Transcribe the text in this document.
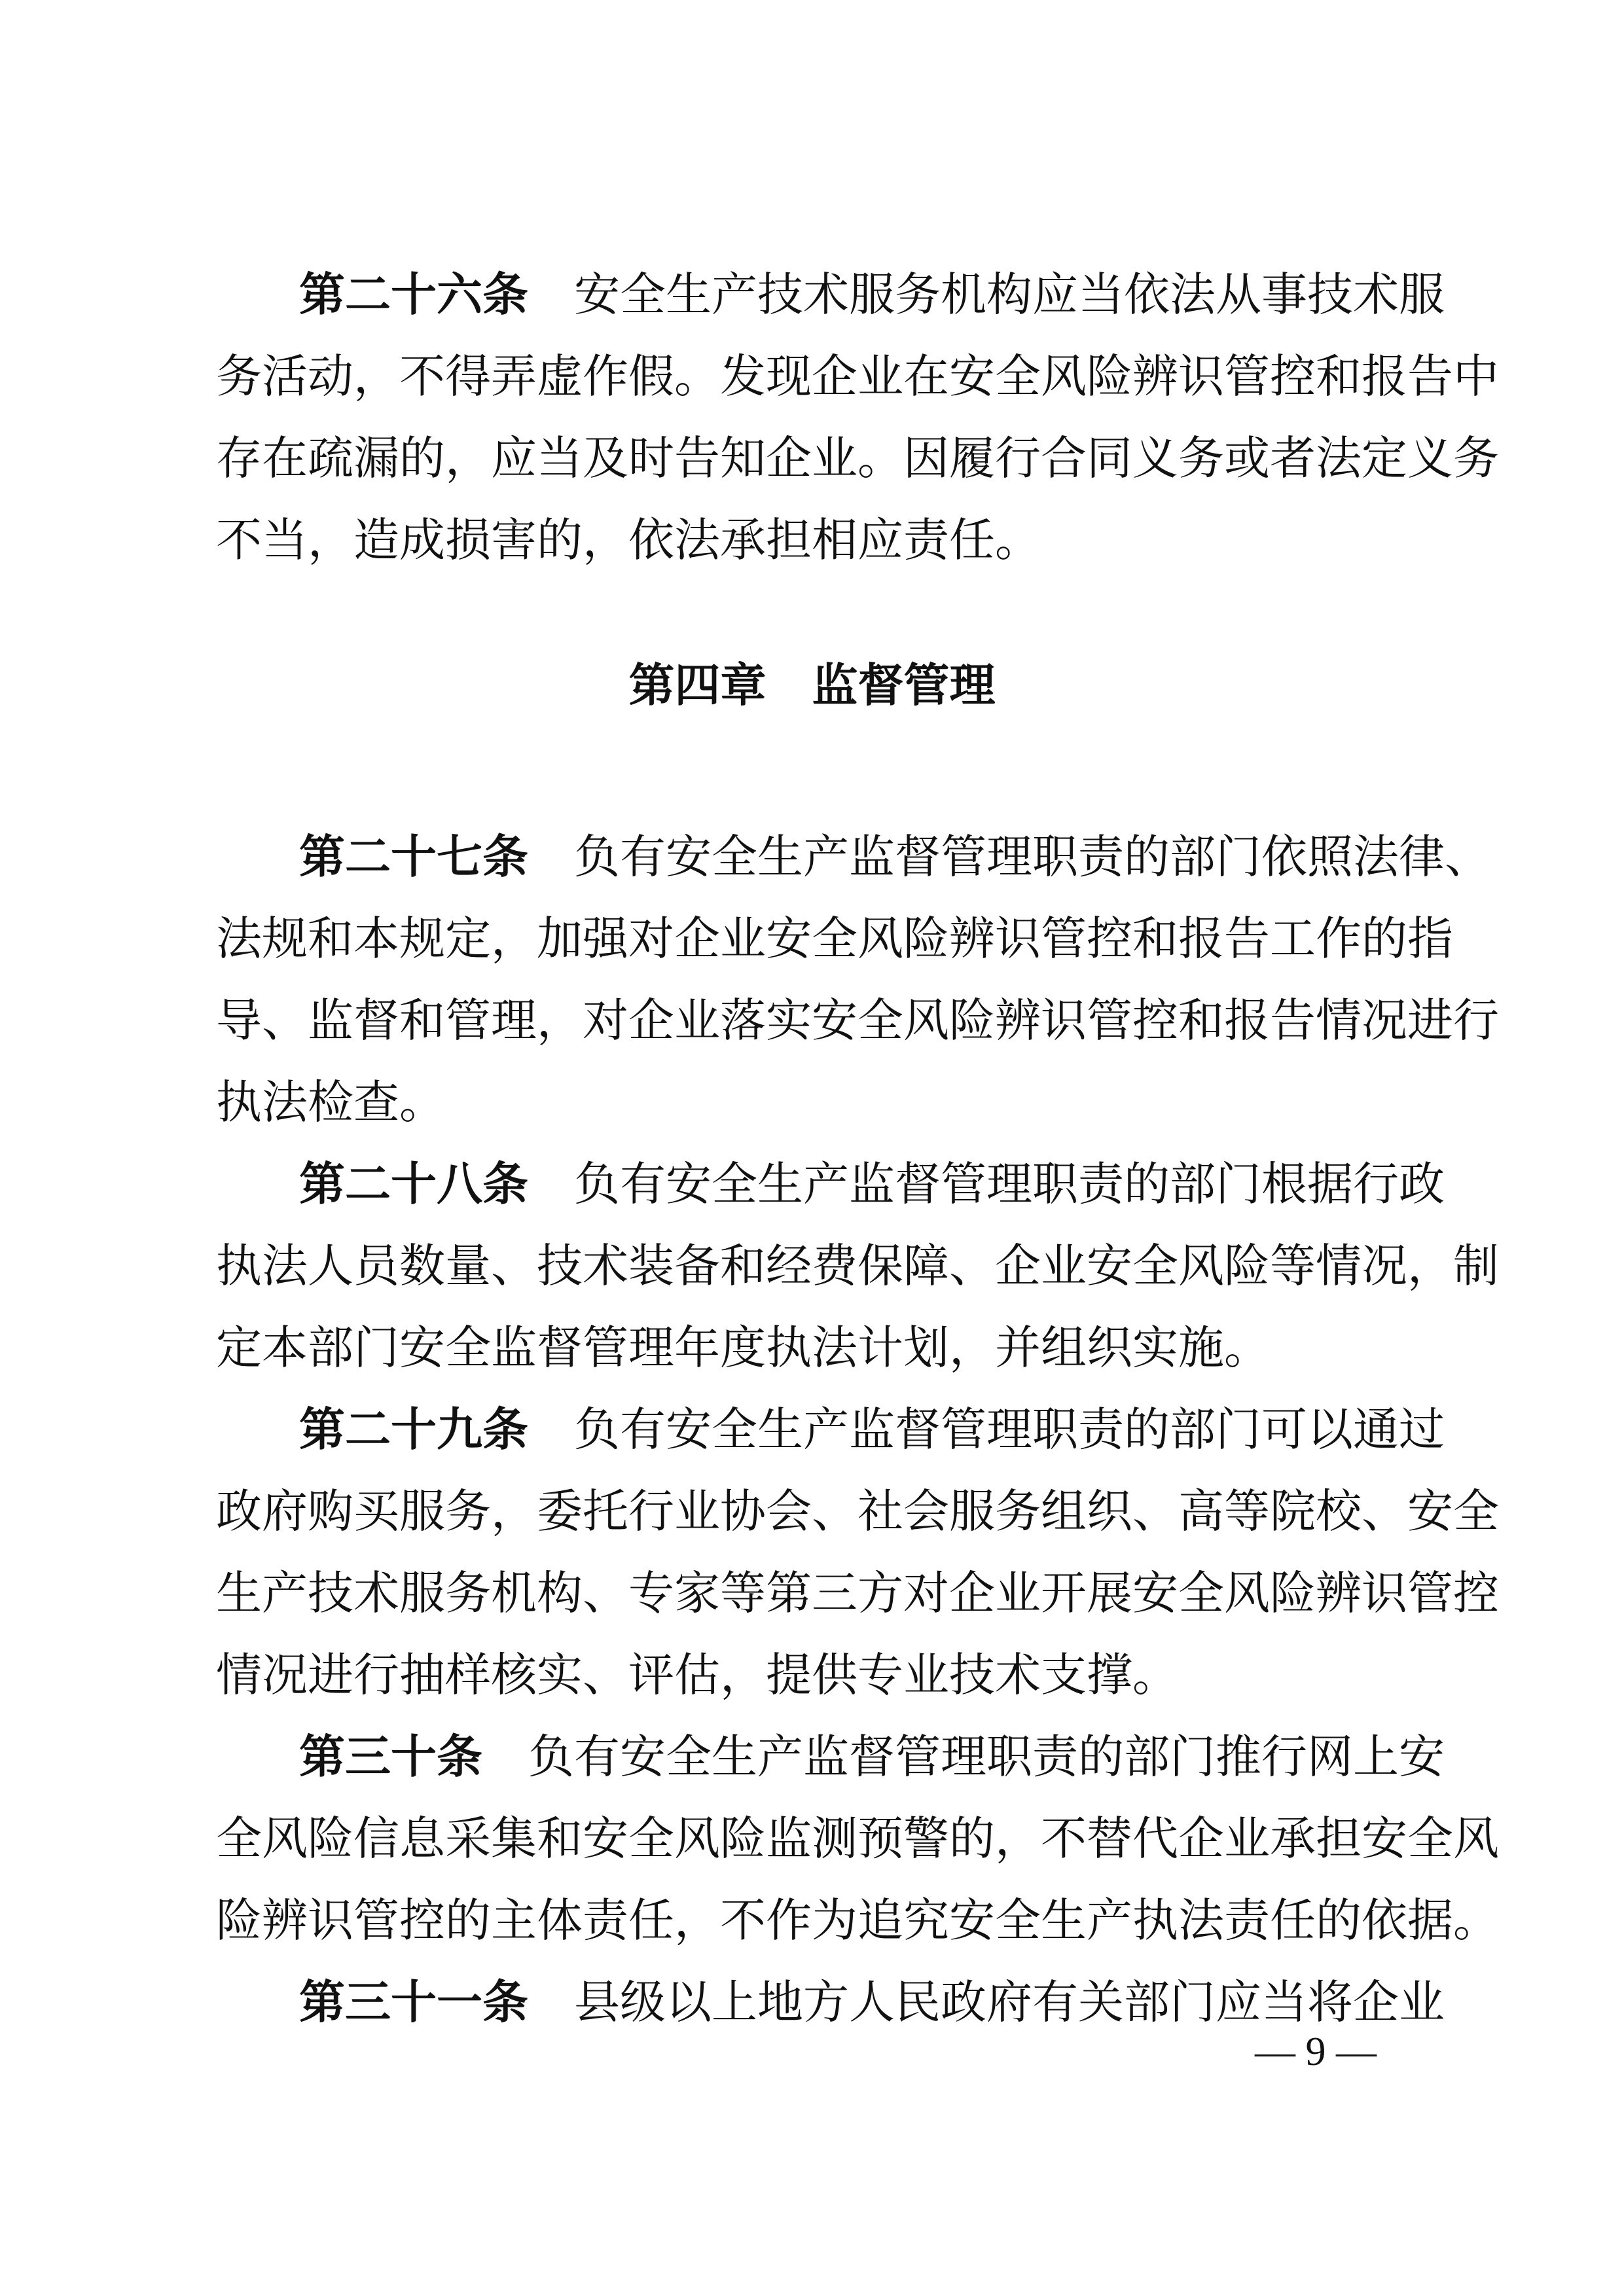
第二十六条 安全生产技术服务机构应当依法从事技术服
务活动，不得弄虚作假。发现企业在安全风险辨识管控和报告中
存在疏漏的，应当及时告知企业。因履行合同义务或者法定义务
不当，造成损害的，依法承担相应责任。
第四章 监督管理
第二十七条 负有安全生产监督管理职责的部门依照法律、
法规和本规定，加强对企业安全风险辨识管控和报告工作的指
导、监督和管理，对企业落实安全风险辨识管控和报告情况进行
执法检查。
第二十八条 负有安全生产监督管理职责的部门根据行政
执法人员数量、技术装备和经费保障、企业安全风险等情况，制
定本部门安全监督管理年度执法计划，并组织实施。
第二十九条 负有安全生产监督管理职责的部门可以通过
政府购买服务，委托行业协会、社会服务组织、高等院校、安全
生产技术服务机构、专家等第三方对企业开展安全风险辨识管控
情况进行抽样核实、评估，提供专业技术支撑。
第三十条 负有安全生产监督管理职责的部门推行网上安
全风险信息采集和安全风险监测预警的，不替代企业承担安全风
险辨识管控的主体责任，不作为追究安全生产执法责任的依据。
第三十一条 县级以上地方人民政府有关部门应当将企业
— 9 —
